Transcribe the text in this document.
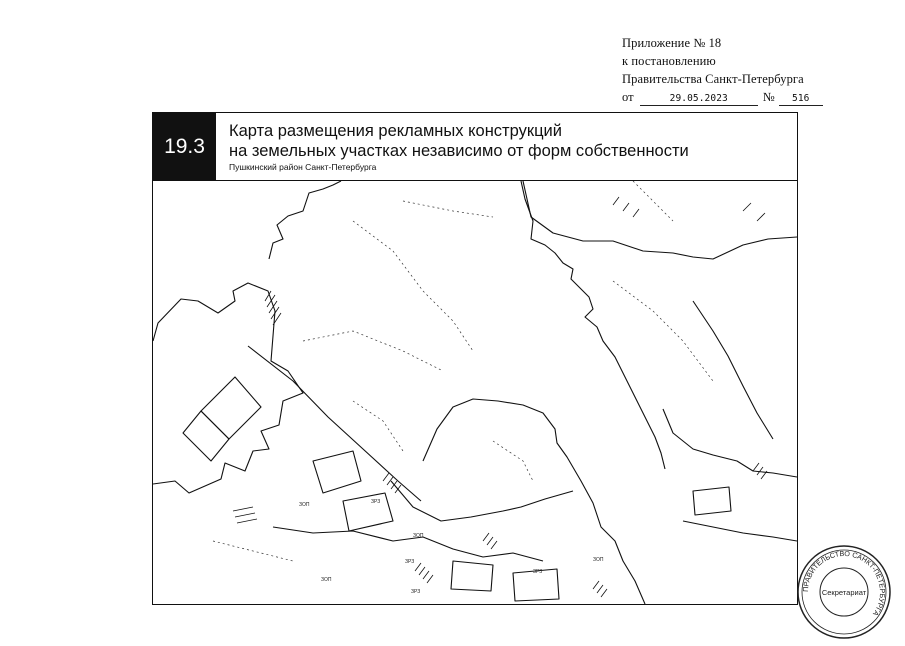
Приложение № 18
к постановлению
Правительства Санкт-Петербурга
от	29.05.2023	№ 516
19.3
Карта размещения рекламных конструкций
на земельных участках независимо от форм собственности
Пушкинский район Санкт-Петербурга
ЗРЗ
ЗРЗ
ЗРЗ
ЗРЗ
ЗОП
ЗОП
ЗОП
ЗОП
ПРАВИТЕЛЬСТВО САНКТ-ПЕТЕРБУРГА
Секретариат
